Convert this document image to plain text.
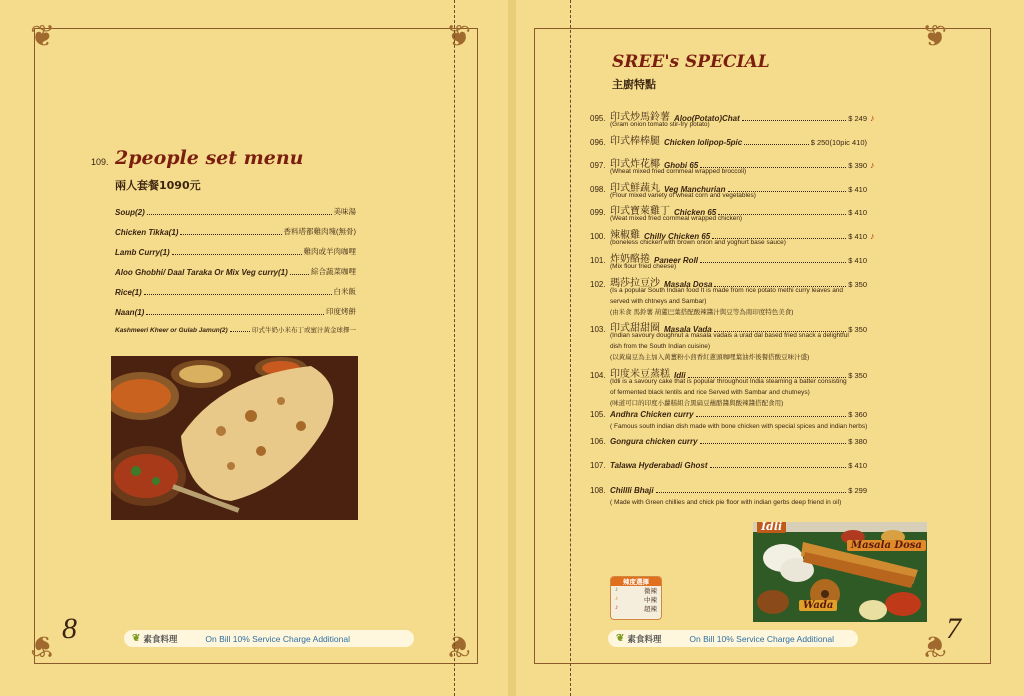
❦	❦
❦	❦
109. 2people set menu
兩人套餐1090元
Soup(2)	美味湯
Chicken Tikka(1)	香料塔都雞肉塊(無骨)
Lamb Curry(1)	雞肉或羊肉咖哩
Aloo Ghobhi/ Daal Taraka Or Mix Veg curry(1)	綜合蔬菜咖哩
Rice(1)	白米飯
Naan(1)	印度烤餅
Kashmeeri Kheer or Gulab Jamun(2)	印式牛奶小米布丁或蜜汁黃金球擇一
8	❦ 素食料理	On Bill 10% Service Charge Additional
❦
❦
SREE's SPECIAL
主廚特點
辣度選擇
♪	微辣
♪	中辣
♪	超辣
Idli
Masala Dosa
Wada
7
❦ 素食料理	On Bill 10% Service Charge Additional
095. 印式炒馬鈴薯 Aloo(Potato)Chat	$ 249 ♪
(Gram onion tomato stir-fry potato)
096. 印式棒棒腿 Chicken lolipop-5pic	$ 250(10pic 410)
097. 印式炸花椰 Ghobi 65	$ 390 ♪
(Wheat mixed fried cornmeal wrapped broccoli)
098. 印式鮮蔬丸 Veg Manchurian	$ 410
(Flour mixed variety of wheat corn and vegetables)
099. 印式寶萊雞丁 Chicken 65	$ 410
(Weat mixed fried cornmeal wrapped chicken)
100. 辣椒雞 Chilly Chicken 65	$ 410 ♪
(boneless chicken with brown onion and yoghurt base sauce)
101. 炸奶酪捲 Paneer Roll	$ 410
(Mix flour fried cheese)
102. 瑪莎拉豆沙 Masala Dosa	$ 350
(Is a popular South Indian food It is made from rice potato methi curry leaves and
served with chtneys and Sambar)
(由米食 馬鈴薯 葫蘆巴葉搭配酸辣醬汁與豆等為南印度特色美食)
103. 印式甜甜圈 Masala Vada	$ 350
(Indian savoury doughnut a masala vadais a urad dal based fried snack a delightful
dish from the South Indian cuisine)
(以黃扁豆為主加入黃薑粉小茴香紅蔥頭咖哩葉油炸後餐搭酸豆味汁盛)
104. 印度米豆蒸糕 Idli	$ 350
(Idli is a savoury cake that is popular throughout India steaming a batter consisting
of fermented black lentils and rice Served with Sambar and chutneys)
(味道可口的印度小蘿糕組合黑扁豆蘸酪醬與酸辣醬搭配食用)
105. Andhra Chicken curry	$ 360
( Famous south indian dish made with bone chicken with special spices and indian herbs)
106. Gongura chicken curry	$ 380
107. Talawa Hyderabadi Ghost	$ 410
108. Chillli Bhaji	$ 299
( Made with Green chillies and chick pie floor with indian gerbs deep friend in oil)
